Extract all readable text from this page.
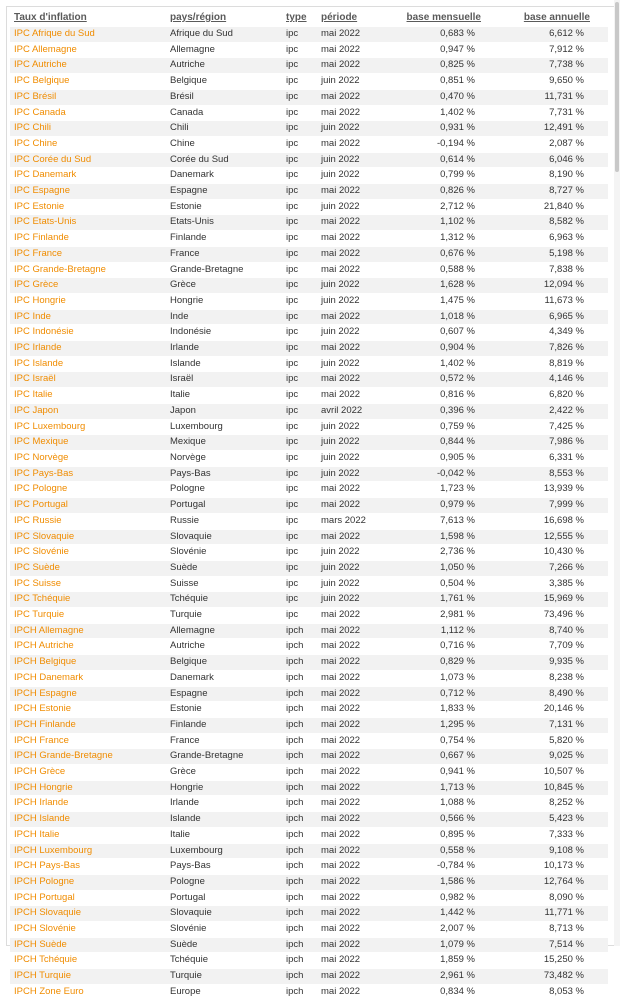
Taux d'inflation	pays/région	type	période	base mensuelle	base annuelle
IPC Afrique du Sud	Afrique du Sud	ipc	mai 2022	0,683 %	6,612 %
IPC Allemagne	Allemagne	ipc	mai 2022	0,947 %	7,912 %
IPC Autriche	Autriche	ipc	mai 2022	0,825 %	7,738 %
IPC Belgique	Belgique	ipc	juin 2022	0,851 %	9,650 %
IPC Brésil	Brésil	ipc	mai 2022	0,470 %	11,731 %
IPC Canada	Canada	ipc	mai 2022	1,402 %	7,731 %
IPC Chili	Chili	ipc	juin 2022	0,931 %	12,491 %
IPC Chine	Chine	ipc	mai 2022	-0,194 %	2,087 %
IPC Corée du Sud	Corée du Sud	ipc	juin 2022	0,614 %	6,046 %
IPC Danemark	Danemark	ipc	juin 2022	0,799 %	8,190 %
IPC Espagne	Espagne	ipc	mai 2022	0,826 %	8,727 %
IPC Estonie	Estonie	ipc	juin 2022	2,712 %	21,840 %
IPC Etats-Unis	Etats-Unis	ipc	mai 2022	1,102 %	8,582 %
IPC Finlande	Finlande	ipc	mai 2022	1,312 %	6,963 %
IPC France	France	ipc	mai 2022	0,676 %	5,198 %
IPC Grande-Bretagne	Grande-Bretagne	ipc	mai 2022	0,588 %	7,838 %
IPC Grèce	Grèce	ipc	juin 2022	1,628 %	12,094 %
IPC Hongrie	Hongrie	ipc	juin 2022	1,475 %	11,673 %
IPC Inde	Inde	ipc	mai 2022	1,018 %	6,965 %
IPC Indonésie	Indonésie	ipc	juin 2022	0,607 %	4,349 %
IPC Irlande	Irlande	ipc	mai 2022	0,904 %	7,826 %
IPC Islande	Islande	ipc	juin 2022	1,402 %	8,819 %
IPC Israël	Israël	ipc	mai 2022	0,572 %	4,146 %
IPC Italie	Italie	ipc	mai 2022	0,816 %	6,820 %
IPC Japon	Japon	ipc	avril 2022	0,396 %	2,422 %
IPC Luxembourg	Luxembourg	ipc	juin 2022	0,759 %	7,425 %
IPC Mexique	Mexique	ipc	juin 2022	0,844 %	7,986 %
IPC Norvège	Norvège	ipc	juin 2022	0,905 %	6,331 %
IPC Pays-Bas	Pays-Bas	ipc	juin 2022	-0,042 %	8,553 %
IPC Pologne	Pologne	ipc	mai 2022	1,723 %	13,939 %
IPC Portugal	Portugal	ipc	mai 2022	0,979 %	7,999 %
IPC Russie	Russie	ipc	mars 2022	7,613 %	16,698 %
IPC Slovaquie	Slovaquie	ipc	mai 2022	1,598 %	12,555 %
IPC Slovénie	Slovénie	ipc	juin 2022	2,736 %	10,430 %
IPC Suède	Suède	ipc	juin 2022	1,050 %	7,266 %
IPC Suisse	Suisse	ipc	juin 2022	0,504 %	3,385 %
IPC Tchéquie	Tchéquie	ipc	juin 2022	1,761 %	15,969 %
IPC Turquie	Turquie	ipc	mai 2022	2,981 %	73,496 %
IPCH Allemagne	Allemagne	ipch	mai 2022	1,112 %	8,740 %
IPCH Autriche	Autriche	ipch	mai 2022	0,716 %	7,709 %
IPCH Belgique	Belgique	ipch	mai 2022	0,829 %	9,935 %
IPCH Danemark	Danemark	ipch	mai 2022	1,073 %	8,238 %
IPCH Espagne	Espagne	ipch	mai 2022	0,712 %	8,490 %
IPCH Estonie	Estonie	ipch	mai 2022	1,833 %	20,146 %
IPCH Finlande	Finlande	ipch	mai 2022	1,295 %	7,131 %
IPCH France	France	ipch	mai 2022	0,754 %	5,820 %
IPCH Grande-Bretagne	Grande-Bretagne	ipch	mai 2022	0,667 %	9,025 %
IPCH Grèce	Grèce	ipch	mai 2022	0,941 %	10,507 %
IPCH Hongrie	Hongrie	ipch	mai 2022	1,713 %	10,845 %
IPCH Irlande	Irlande	ipch	mai 2022	1,088 %	8,252 %
IPCH Islande	Islande	ipch	mai 2022	0,566 %	5,423 %
IPCH Italie	Italie	ipch	mai 2022	0,895 %	7,333 %
IPCH Luxembourg	Luxembourg	ipch	mai 2022	0,558 %	9,108 %
IPCH Pays-Bas	Pays-Bas	ipch	mai 2022	-0,784 %	10,173 %
IPCH Pologne	Pologne	ipch	mai 2022	1,586 %	12,764 %
IPCH Portugal	Portugal	ipch	mai 2022	0,982 %	8,090 %
IPCH Slovaquie	Slovaquie	ipch	mai 2022	1,442 %	11,771 %
IPCH Slovénie	Slovénie	ipch	mai 2022	2,007 %	8,713 %
IPCH Suède	Suède	ipch	mai 2022	1,079 %	7,514 %
IPCH Tchéquie	Tchéquie	ipch	mai 2022	1,859 %	15,250 %
IPCH Turquie	Turquie	ipch	mai 2022	2,961 %	73,482 %
IPCH Zone Euro	Europe	ipch	mai 2022	0,834 %	8,053 %
